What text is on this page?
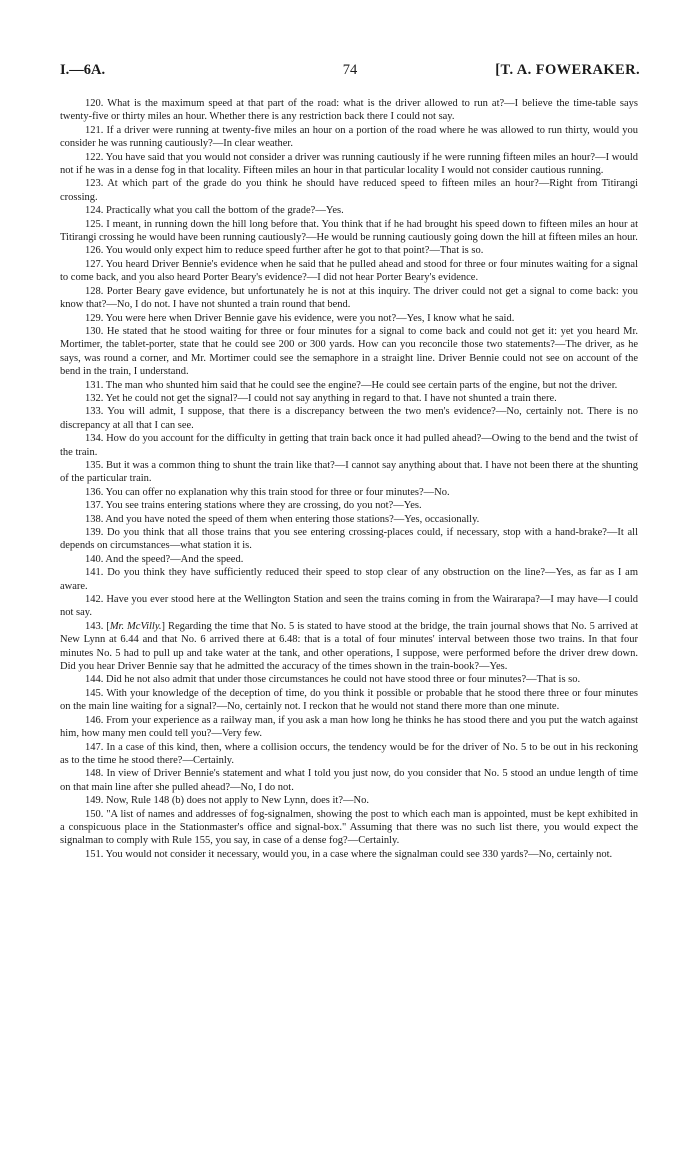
I.—6A.	74	[T. A. FOWERAKER.

120. What is the maximum speed at that part of the road: what is the driver allowed to run at?—I believe the time-table says twenty-five or thirty miles an hour. Whether there is any restriction back there I could not say.

121. If a driver were running at twenty-five miles an hour on a portion of the road where he was allowed to run thirty, would you consider he was running cautiously?—In clear weather.

122. You have said that you would not consider a driver was running cautiously if he were running fifteen miles an hour?—I would not if he was in a dense fog in that locality. Fifteen miles an hour in that particular locality I would not consider cautious running.

123. At which part of the grade do you think he should have reduced speed to fifteen miles an hour?—Right from Titirangi crossing.

124. Practically what you call the bottom of the grade?—Yes.

125. I meant, in running down the hill long before that. You think that if he had brought his speed down to fifteen miles an hour at Titirangi crossing he would have been running cautiously?—He would be running cautiously going down the hill at fifteen miles an hour.

126. You would only expect him to reduce speed further after he got to that point?—That is so.

127. You heard Driver Bennie's evidence when he said that he pulled ahead and stood for three or four minutes waiting for a signal to come back, and you also heard Porter Beary's evidence?—I did not hear Porter Beary's evidence.

128. Porter Beary gave evidence, but unfortunately he is not at this inquiry. The driver could not get a signal to come back: you know that?—No, I do not. I have not shunted a train round that bend.

129. You were here when Driver Bennie gave his evidence, were you not?—Yes, I know what he said.

130. He stated that he stood waiting for three or four minutes for a signal to come back and could not get it: yet you heard Mr. Mortimer, the tablet-porter, state that he could see 200 or 300 yards. How can you reconcile those two statements?—The driver, as he says, was round a corner, and Mr. Mortimer could see the semaphore in a straight line. Driver Bennie could not see on account of the bend in the train, I understand.

131. The man who shunted him said that he could see the engine?—He could see certain parts of the engine, but not the driver.

132. Yet he could not get the signal?—I could not say anything in regard to that. I have not shunted a train there.

133. You will admit, I suppose, that there is a discrepancy between the two men's evidence?—No, certainly not. There is no discrepancy at all that I can see.

134. How do you account for the difficulty in getting that train back once it had pulled ahead?—Owing to the bend and the twist of the train.

135. But it was a common thing to shunt the train like that?—I cannot say anything about that. I have not been there at the shunting of the particular train.

136. You can offer no explanation why this train stood for three or four minutes?—No.

137. You see trains entering stations where they are crossing, do you not?—Yes.

138. And you have noted the speed of them when entering those stations?—Yes, occasionally.

139. Do you think that all those trains that you see entering crossing-places could, if necessary, stop with a hand-brake?—It all depends on circumstances—what station it is.

140. And the speed?—And the speed.

141. Do you think they have sufficiently reduced their speed to stop clear of any obstruction on the line?—Yes, as far as I am aware.

142. Have you ever stood here at the Wellington Station and seen the trains coming in from the Wairarapa?—I may have—I could not say.

143. [Mr. McVilly.] Regarding the time that No. 5 is stated to have stood at the bridge, the train journal shows that No. 5 arrived at New Lynn at 6.44 and that No. 6 arrived there at 6.48: that is a total of four minutes' interval between those two trains. In that four minutes No. 5 had to pull up and take water at the tank, and other operations, I suppose, were performed before the driver drew down. Did you hear Driver Bennie say that he admitted the accuracy of the times shown in the train-book?—Yes.

144. Did he not also admit that under those circumstances he could not have stood three or four minutes?—That is so.

145. With your knowledge of the deception of time, do you think it possible or probable that he stood there three or four minutes on the main line waiting for a signal?—No, certainly not. I reckon that he would not stand there more than one minute.

146. From your experience as a railway man, if you ask a man how long he thinks he has stood there and you put the watch against him, how many men could tell you?—Very few.

147. In a case of this kind, then, where a collision occurs, the tendency would be for the driver of No. 5 to be out in his reckoning as to the time he stood there?—Certainly.

148. In view of Driver Bennie's statement and what I told you just now, do you consider that No. 5 stood an undue length of time on that main line after she pulled ahead?—No, I do not.

149. Now, Rule 148 (b) does not apply to New Lynn, does it?—No.

150. "A list of names and addresses of fog-signalmen, showing the post to which each man is appointed, must be kept exhibited in a conspicuous place in the Stationmaster's office and signal-box." Assuming that there was no such list there, you would expect the signalman to comply with Rule 155, you say, in case of a dense fog?—Certainly.

151. You would not consider it necessary, would you, in a case where the signalman could see 330 yards?—No, certainly not.
